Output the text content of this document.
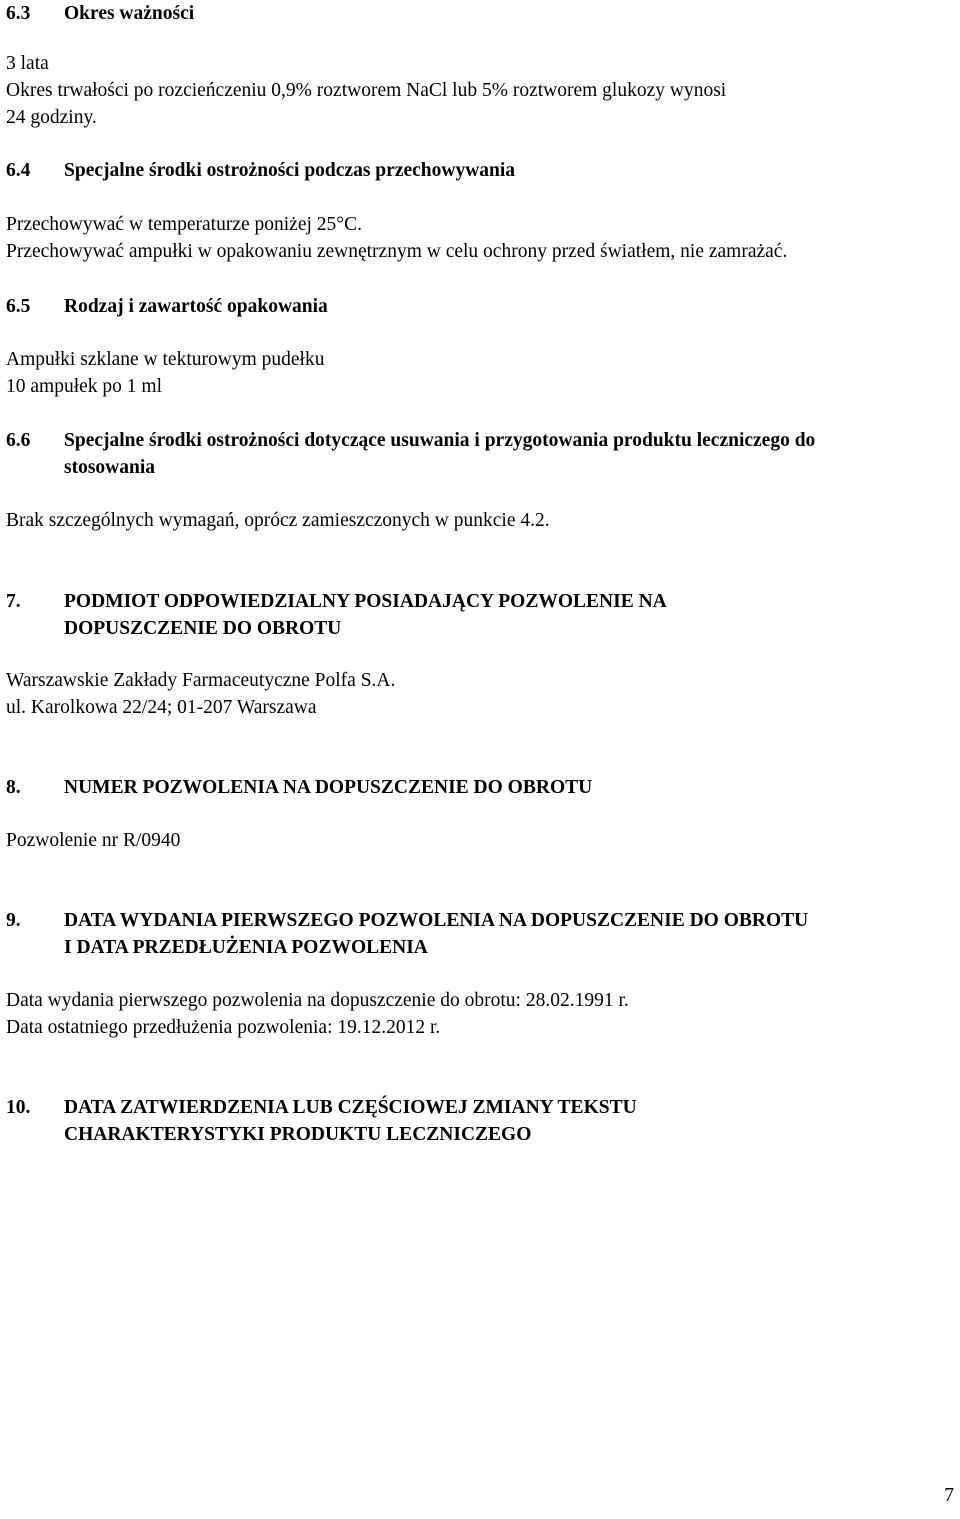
6.3	Okres ważności
3 lata
Okres trwałości po rozcieńczeniu 0,9% roztworem NaCl lub 5% roztworem glukozy wynosi
24 godziny.
6.4	Specjalne środki ostrożności podczas przechowywania
Przechowywać w temperaturze poniżej 25°C.
Przechowywać ampułki w opakowaniu zewnętrznym w celu ochrony przed światłem, nie zamrażać.
6.5	Rodzaj i zawartość opakowania
Ampułki szklane w tekturowym pudełku
10 ampułek po 1 ml
6.6	Specjalne środki ostrożności dotyczące usuwania i przygotowania produktu leczniczego do
stosowania
Brak szczególnych wymagań, oprócz zamieszczonych w punkcie 4.2.
7.	PODMIOT ODPOWIEDZIALNY POSIADAJĄCY POZWOLENIE NA
DOPUSZCZENIE DO OBROTU
Warszawskie Zakłady Farmaceutyczne Polfa S.A.
ul. Karolkowa 22/24; 01-207 Warszawa
8.	NUMER POZWOLENIA NA DOPUSZCZENIE DO OBROTU
Pozwolenie nr R/0940
9.	DATA WYDANIA PIERWSZEGO POZWOLENIA NA DOPUSZCZENIE DO OBROTU
I DATA PRZEDŁUŻENIA POZWOLENIA
Data wydania pierwszego pozwolenia na dopuszczenie do obrotu: 28.02.1991 r.
Data ostatniego przedłużenia pozwolenia: 19.12.2012 r.
10.	DATA ZATWIERDZENIA LUB CZĘŚCIOWEJ ZMIANY TEKSTU
CHARAKTERYSTYKI PRODUKTU LECZNICZEGO
7
